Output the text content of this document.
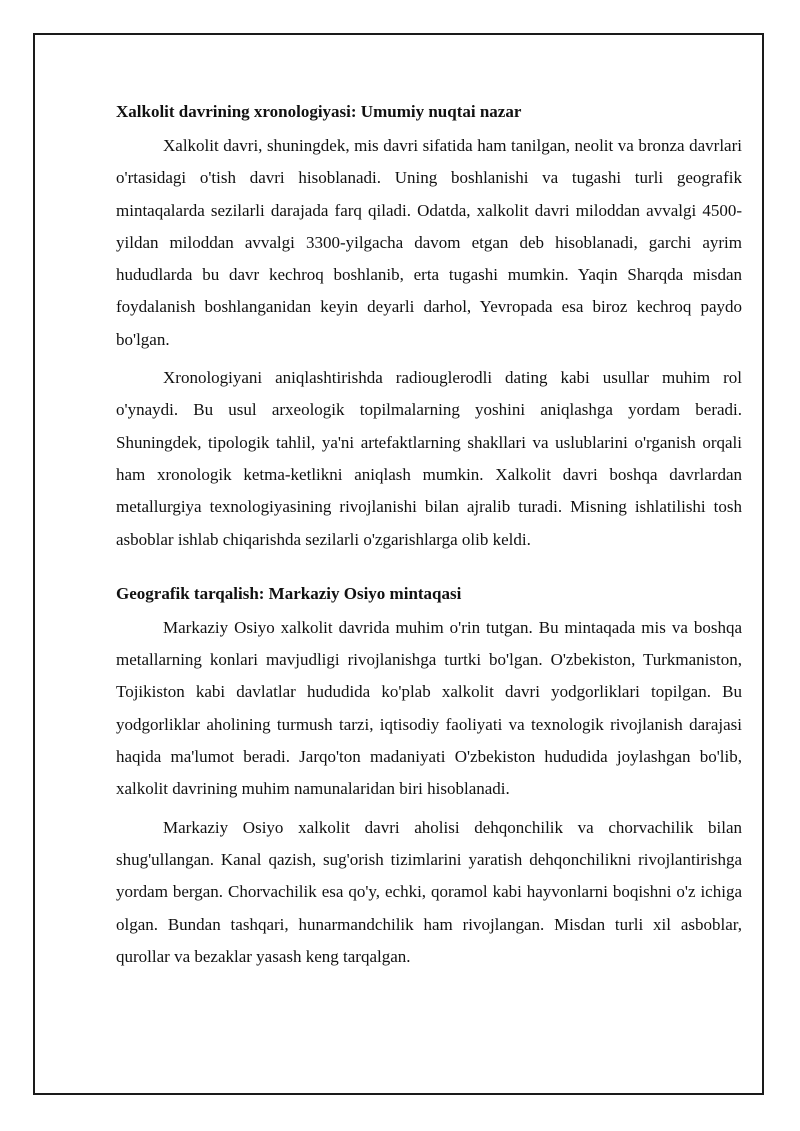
Xalkolit davrining xronologiyasi: Umumiy nuqtai nazar

Xalkolit davri, shuningdek, mis davri sifatida ham tanilgan, neolit va bronza davrlari o'rtasidagi o'tish davri hisoblanadi. Uning boshlanishi va tugashi turli geografik mintaqalarda sezilarli darajada farq qiladi. Odatda, xalkolit davri miloddan avvalgi 4500-yildan miloddan avvalgi 3300-yilgacha davom etgan deb hisoblanadi, garchi ayrim hududlarda bu davr kechroq boshlanib, erta tugashi mumkin. Yaqin Sharqda misdan foydalanish boshlanganidan keyin deyarli darhol, Yevropada esa biroz kechroq paydo bo'lgan.

Xronologiyani aniqlashtirishda radiouglerodli dating kabi usullar muhim rol o'ynaydi. Bu usul arxeologik topilmalarning yoshini aniqlashga yordam beradi. Shuningdek, tipologik tahlil, ya'ni artefaktlarning shakllari va uslublarini o'rganish orqali ham xronologik ketma-ketlikni aniqlash mumkin. Xalkolit davri boshqa davrlardan metallurgiya texnologiyasining rivojlanishi bilan ajralib turadi. Misning ishlatilishi tosh asboblar ishlab chiqarishda sezilarli o'zgarishlarga olib keldi.

Geografik tarqalish: Markaziy Osiyo mintaqasi

Markaziy Osiyo xalkolit davrida muhim o'rin tutgan. Bu mintaqada mis va boshqa metallarning konlari mavjudligi rivojlanishga turtki bo'lgan. O'zbekiston, Turkmaniston, Tojikiston kabi davlatlar hududida ko'plab xalkolit davri yodgorliklari topilgan. Bu yodgorliklar aholining turmush tarzi, iqtisodiy faoliyati va texnologik rivojlanish darajasi haqida ma'lumot beradi. Jarqo'ton madaniyati O'zbekiston hududida joylashgan bo'lib, xalkolit davrining muhim namunalaridan biri hisoblanadi.

Markaziy Osiyo xalkolit davri aholisi dehqonchilik va chorvachilik bilan shug'ullangan. Kanal qazish, sug'orish tizimlarini yaratish dehqonchilikni rivojlantirishga yordam bergan. Chorvachilik esa qo'y, echki, qoramol kabi hayvonlarni boqishni o'z ichiga olgan. Bundan tashqari, hunarmandchilik ham rivojlangan. Misdan turli xil asboblar, qurollar va bezaklar yasash keng tarqalgan.
